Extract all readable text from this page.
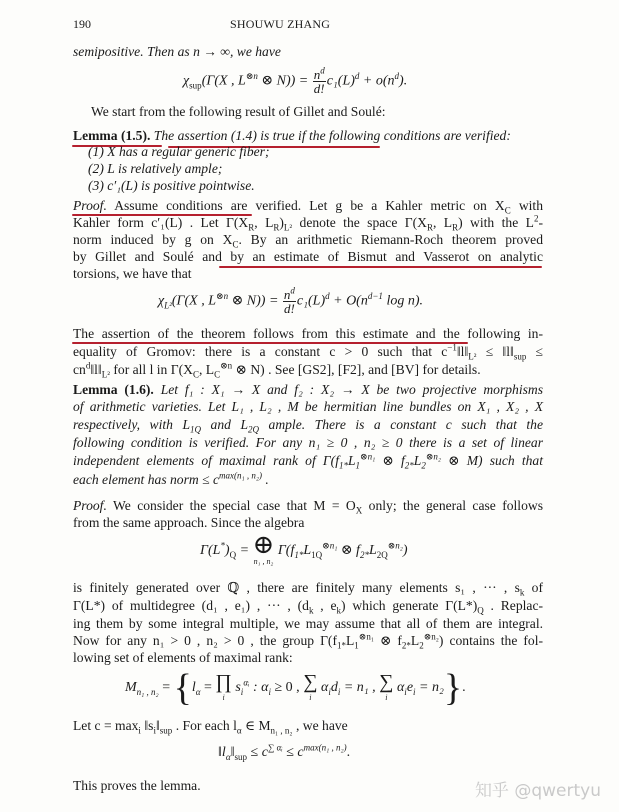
190	SHOUWU ZHANG
semipositive. Then as n → ∞, we have
$\chi_{sup}(\Gamma(X$ , $L^{\otimes n}$ ⊗ $N)) = \frac{n^d}{d!} c_1(L)^d + o(n^d)$.
We start from the following result of Gillet and Soulé:
Lemma (1.5). The assertion (1.4) is true if the following conditions are verified:
(1) X has a regular generic fiber;
(2) L is relatively ample;
(3) c′₁(L) is positive pointwise.
Proof. Assume conditions are verified. Let g be a Kahler metric on $X_C$ with
Kahler form c′₁(L) . Let $\Gamma(X_R$, $L_R)_{L^2}$ denote the space $\Gamma(X_R$, $L_R$) with the $L^2-$
norm induced by g on $X_C$. By an arithmetic Riemann-Roch theorem proved
by Gillet and Soulé and by an estimate of Bismut and Vasserot on analytic
torsions, we have that
$\chi_{L^2}(\Gamma(X$ , $L^{\otimes n}$ ⊗ $N)) = \frac{n^d}{d!} c_1(L)^d + O(n^{d-1}$ log n).
The assertion of the theorem follows from this estimate and the following in-
equality of Gromov: there is a constant c > 0 such that $c^{-1}‖l‖_{L^2}$ ≤ $‖l‖_{sup}$ ≤
$cn^d‖l‖_{L^2}$ for all l in $\Gamma(X_C$, $L_C^{\otimes n}$ ⊗ N) . See [GS2], [F2], and [BV] for details.
Lemma (1.6). Let f₁ : X₁ → X and f₂ : X₂ → X be two projective morphisms
of arithmetic varieties. Let L₁ , L₂ , M be hermitian line bundles on X₁ , X₂ , X
respectively, with $L_{1Q}$ and $L_{2Q}$ ample. There is a constant c such that the
following condition is verified. For any n₁ ≥ 0 , n₂ ≥ 0 there is a set of linear
independent elements of maximal rank of $\Gamma(f_{1*}L_1^{\otimes n_1}$ ⊗ $f_{2*}L_2^{\otimes n_2}$ ⊗ M) such that
each element has norm ≤ $c^{max(n_1 , n_2)}$ .
Proof. We consider the special case that $M = O_X$ only; the general case follows
from the same approach. Since the algebra
$\Gamma(L^*)_Q$ = ⊕
n₁ , n₂
$\Gamma(f_{1*}L_{1Q}^{\otimes n_1}$ ⊗ $f_{2*}L_{2Q}^{\otimes n_2}$)
is finitely generated over ℚ , there are finitely many elements s₁ , ··· , $s_k$ of
Γ(L*) of multidegree (d₁ , e₁) , ··· , ($d_k$ , $e_k$) which generate $\Gamma(L*)_Q$ . Replac-
ing them by some integral multiple, we may assume that all of them are integral.
Now for any n₁ > 0 , n₂ > 0 , the group $\Gamma(f_{1*}L_1^{\otimes n_1}$ ⊗ $f_{2*}L_2^{\otimes n_2}$) contains the fol-
lowing set of elements of maximal rank:
$M_{n_1 , n_2} = \{l_\alpha$ = ∏
i
$s_i^{\alpha ᵢ}$ : $\alpha_i \ge 0$ , ∑
i
$\alpha_id_i = n_1$ , ∑
i
$\alpha_ie_i = n_2$}.
Let $c = \max_i$ $‖s_i‖_{sup}$ . For each $l_\alpha$ ∈ $M_{n_1 , n_2}$ , we have
$‖l_\alpha‖_{sup} \le c^{\sum \alpha ᵢ} \le c^{max(n_1 , n_2)}$.
This proves the lemma.	知乎 @qwertyu
